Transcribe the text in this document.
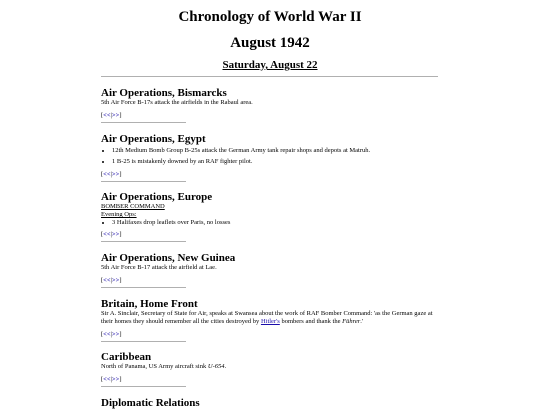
Chronology of World War II
August 1942
Saturday, August 22
Air Operations, Bismarcks

5th Air Force B-17s attack the airfields in the Rabaul area.

[<<|>>]
Air Operations, Egypt
• 12th Medium Bomb Group B-25s attack the German Army tank repair shops and depots at Matruh.
• 1 B-25 is mistakenly downed by an RAF fighter pilot.
[<<|>>]
Air Operations, Europe

BOMBER COMMAND

Evening Ops:

• 3 Halifaxes drop leaflets over Paris, no losses
[<<|>>]
Air Operations, New Guinea

5th Air Force B-17 attack the airfield at Lae.

[<<|>>]
Britain, Home Front

Sir A. Sinclair, Secretary of State for Air, speaks at Swansea about the work of RAF Bomber Command: 'as the German gaze at their homes they should remember all the cities destroyed by Hitler's bombers and thank the Führer.'

[<<|>>]
Caribbean

North of Panama, US Army aircraft sink U-654.

[<<|>>]
Diplomatic Relations
